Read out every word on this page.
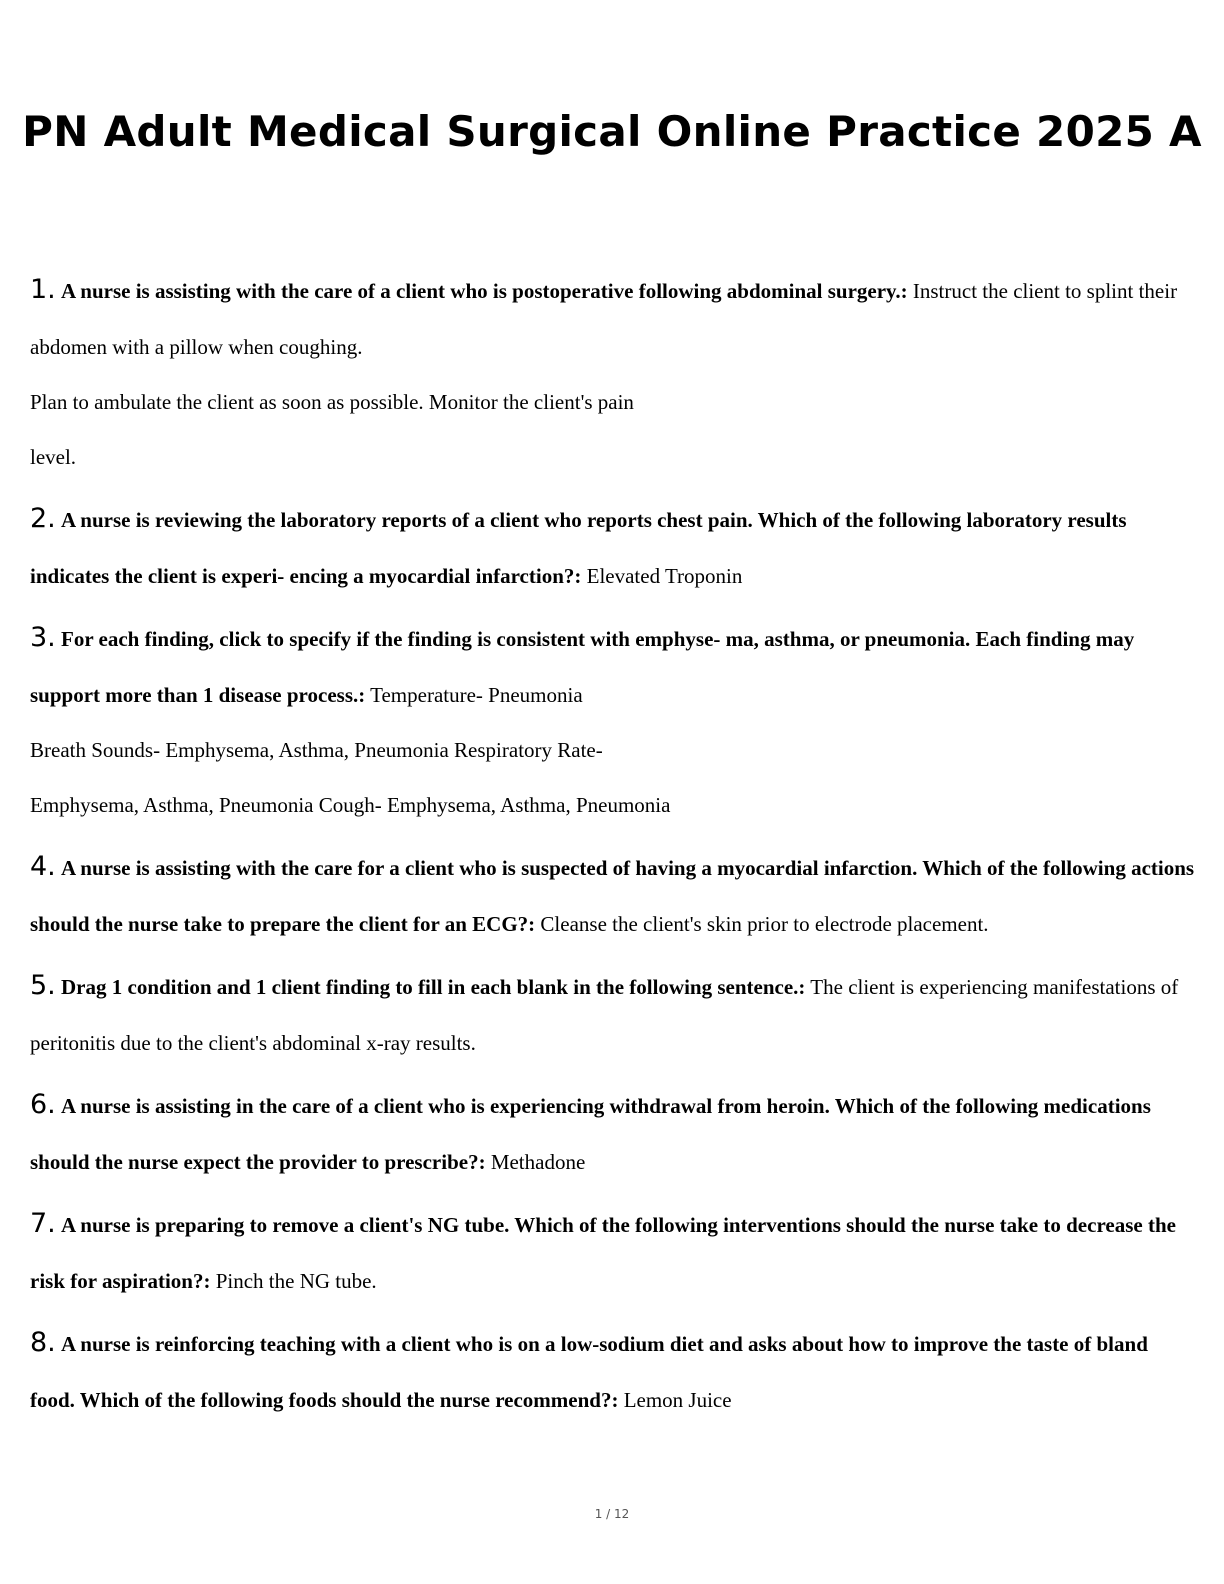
PN Adult Medical Surgical Online Practice 2025 A
1. A nurse is assisting with the care of a client who is postoperative following abdominal surgery.: Instruct the client to splint their abdomen with a pillow when coughing.
Plan to ambulate the client as soon as possible. Monitor the client's pain
level.
2. A nurse is reviewing the laboratory reports of a client who reports chest pain. Which of the following laboratory results indicates the client is experi- encing a myocardial infarction?: Elevated Troponin
3. For each finding, click to specify if the finding is consistent with emphyse- ma, asthma, or pneumonia. Each finding may support more than 1 disease process.: Temperature- Pneumonia
Breath Sounds- Emphysema, Asthma, Pneumonia Respiratory Rate-
Emphysema, Asthma, Pneumonia Cough- Emphysema, Asthma, Pneumonia
4. A nurse is assisting with the care for a client who is suspected of having a myocardial infarction. Which of the following actions should the nurse take to prepare the client for an ECG?: Cleanse the client's skin prior to electrode placement.
5. Drag 1 condition and 1 client finding to fill in each blank in the following sentence.: The client is experiencing manifestations of peritonitis due to the client's abdominal x-ray results.
6. A nurse is assisting in the care of a client who is experiencing withdrawal from heroin. Which of the following medications should the nurse expect the provider to prescribe?: Methadone
7. A nurse is preparing to remove a client's NG tube. Which of the following interventions should the nurse take to decrease the risk for aspiration?: Pinch the NG tube.
8. A nurse is reinforcing teaching with a client who is on a low-sodium diet and asks about how to improve the taste of bland food. Which of the following foods should the nurse recommend?: Lemon Juice
1 / 12
